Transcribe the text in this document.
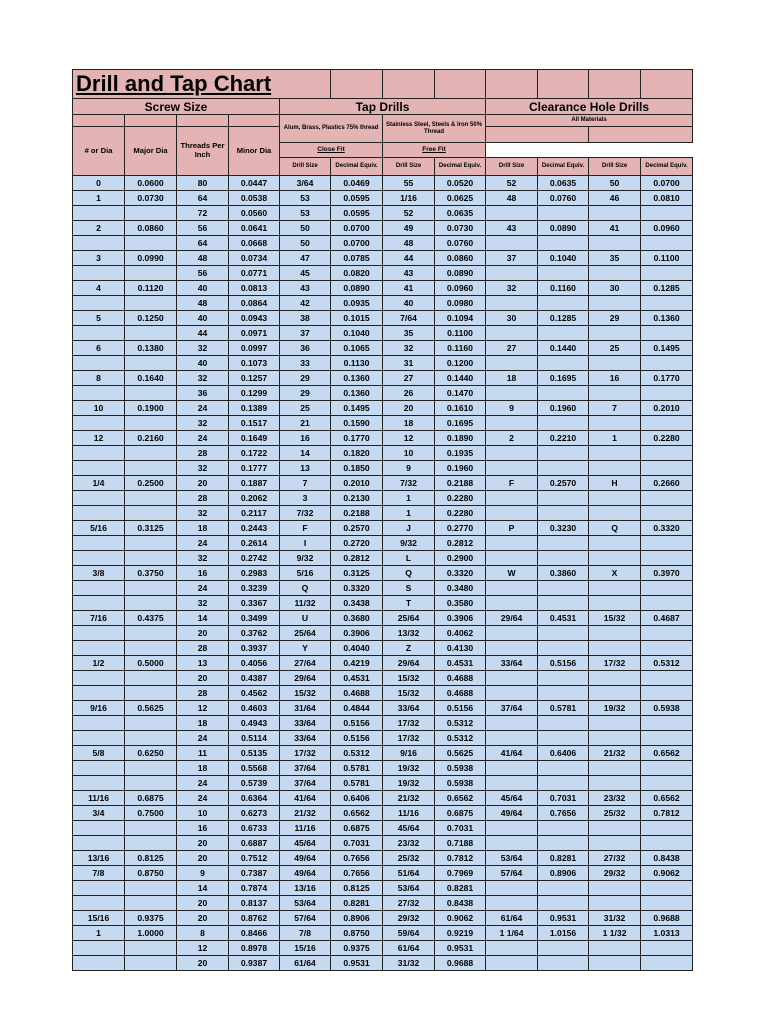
Drill and Tap Chart											
Screw Size				Tap Drills				Clearance Hole Drills			
				Alum, Brass, Plastics 75% thread		Stainless Steel, Steels & Iron 50% Thread		All Materials			
# or Dia	Major Dia	Threads Per Inch	Minor Dia								
				Close Fit		Free Fit					
				Drill Size	Decimal Equiv.	Drill Size	Decimal Equiv.	Drill Size	Decimal Equiv.	Drill Size	Decimal Equiv.
0	0.0600	80	0.0447	3/64	0.0469	55	0.0520	52	0.0635	50	0.0700
1	0.0730	64	0.0538	53	0.0595	1/16	0.0625	48	0.0760	46	0.0810
		72	0.0560	53	0.0595	52	0.0635				
2	0.0860	56	0.0641	50	0.0700	49	0.0730	43	0.0890	41	0.0960
		64	0.0668	50	0.0700	48	0.0760				
3	0.0990	48	0.0734	47	0.0785	44	0.0860	37	0.1040	35	0.1100
		56	0.0771	45	0.0820	43	0.0890				
4	0.1120	40	0.0813	43	0.0890	41	0.0960	32	0.1160	30	0.1285
		48	0.0864	42	0.0935	40	0.0980				
5	0.1250	40	0.0943	38	0.1015	7/64	0.1094	30	0.1285	29	0.1360
		44	0.0971	37	0.1040	35	0.1100				
6	0.1380	32	0.0997	36	0.1065	32	0.1160	27	0.1440	25	0.1495
		40	0.1073	33	0.1130	31	0.1200				
8	0.1640	32	0.1257	29	0.1360	27	0.1440	18	0.1695	16	0.1770
		36	0.1299	29	0.1360	26	0.1470				
10	0.1900	24	0.1389	25	0.1495	20	0.1610	9	0.1960	7	0.2010
		32	0.1517	21	0.1590	18	0.1695				
12	0.2160	24	0.1649	16	0.1770	12	0.1890	2	0.2210	1	0.2280
		28	0.1722	14	0.1820	10	0.1935				
		32	0.1777	13	0.1850	9	0.1960				
1/4	0.2500	20	0.1887	7	0.2010	7/32	0.2188	F	0.2570	H	0.2660
		28	0.2062	3	0.2130	1	0.2280				
		32	0.2117	7/32	0.2188	1	0.2280				
5/16	0.3125	18	0.2443	F	0.2570	J	0.2770	P	0.3230	Q	0.3320
		24	0.2614	I	0.2720	9/32	0.2812				
		32	0.2742	9/32	0.2812	L	0.2900				
3/8	0.3750	16	0.2983	5/16	0.3125	Q	0.3320	W	0.3860	X	0.3970
		24	0.3239	Q	0.3320	S	0.3480				
		32	0.3367	11/32	0.3438	T	0.3580				
7/16	0.4375	14	0.3499	U	0.3680	25/64	0.3906	29/64	0.4531	15/32	0.4687
		20	0.3762	25/64	0.3906	13/32	0.4062				
		28	0.3937	Y	0.4040	Z	0.4130				
1/2	0.5000	13	0.4056	27/64	0.4219	29/64	0.4531	33/64	0.5156	17/32	0.5312
		20	0.4387	29/64	0.4531	15/32	0.4688				
		28	0.4562	15/32	0.4688	15/32	0.4688				
9/16	0.5625	12	0.4603	31/64	0.4844	33/64	0.5156	37/64	0.5781	19/32	0.5938
		18	0.4943	33/64	0.5156	17/32	0.5312				
		24	0.5114	33/64	0.5156	17/32	0.5312				
5/8	0.6250	11	0.5135	17/32	0.5312	9/16	0.5625	41/64	0.6406	21/32	0.6562
		18	0.5568	37/64	0.5781	19/32	0.5938				
		24	0.5739	37/64	0.5781	19/32	0.5938				
11/16	0.6875	24	0.6364	41/64	0.6406	21/32	0.6562	45/64	0.7031	23/32	0.6562
3/4	0.7500	10	0.6273	21/32	0.6562	11/16	0.6875	49/64	0.7656	25/32	0.7812
		16	0.6733	11/16	0.6875	45/64	0.7031				
		20	0.6887	45/64	0.7031	23/32	0.7188				
13/16	0.8125	20	0.7512	49/64	0.7656	25/32	0.7812	53/64	0.8281	27/32	0.8438
7/8	0.8750	9	0.7387	49/64	0.7656	51/64	0.7969	57/64	0.8906	29/32	0.9062
		14	0.7874	13/16	0.8125	53/64	0.8281				
		20	0.8137	53/64	0.8281	27/32	0.8438				
15/16	0.9375	20	0.8762	57/64	0.8906	29/32	0.9062	61/64	0.9531	31/32	0.9688
1	1.0000	8	0.8466	7/8	0.8750	59/64	0.9219	1 1/64	1.0156	1 1/32	1.0313
		12	0.8978	15/16	0.9375	61/64	0.9531				
		20	0.9387	61/64	0.9531	31/32	0.9688				
